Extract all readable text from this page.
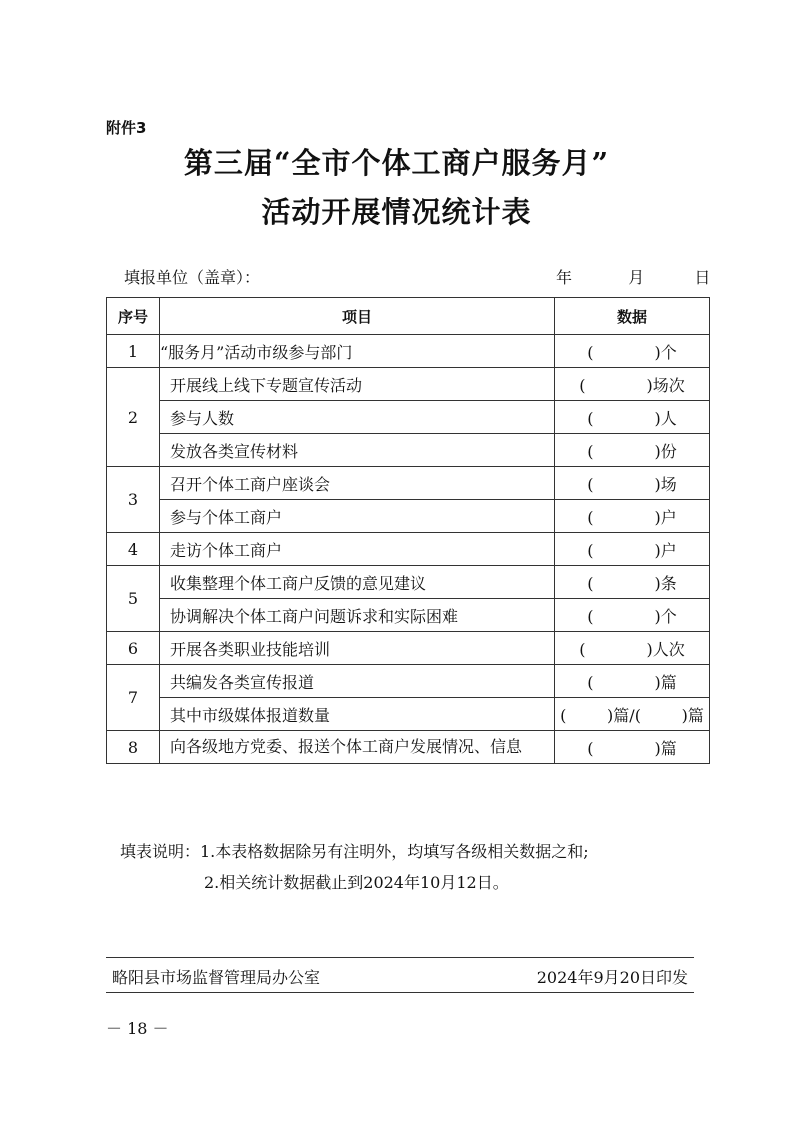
附件3
第三届“全市个体工商户服务月”
活动开展情况统计表
填报单位（盖章）：	年	月	日
序号	项目	数据
1	“服务月”活动市级参与部门	(            )个
2	开展线上线下专题宣传活动	(            )场次
	参与人数	(            )人
	发放各类宣传材料	(            )份
3	召开个体工商户座谈会	(            )场
	参与个体工商户	(            )户
4	走访个体工商户	(            )户
5	收集整理个体工商户反馈的意见建议	(            )条
	协调解决个体工商户问题诉求和实际困难	(            )个
6	开展各类职业技能培训	(            )人次
7	共编发各类宣传报道	(            )篇
	其中市级媒体报道数量	(        )篇/(        )篇
8	向各级地方党委、报送个体工商户发展情况、信息	(            )篇
填表说明：1.本表格数据除另有注明外，均填写各级相关数据之和;
2.相关统计数据截止到2024年10月12日。
略阳县市场监督管理局办公室	2024年9月20日印发
－ 18 －
